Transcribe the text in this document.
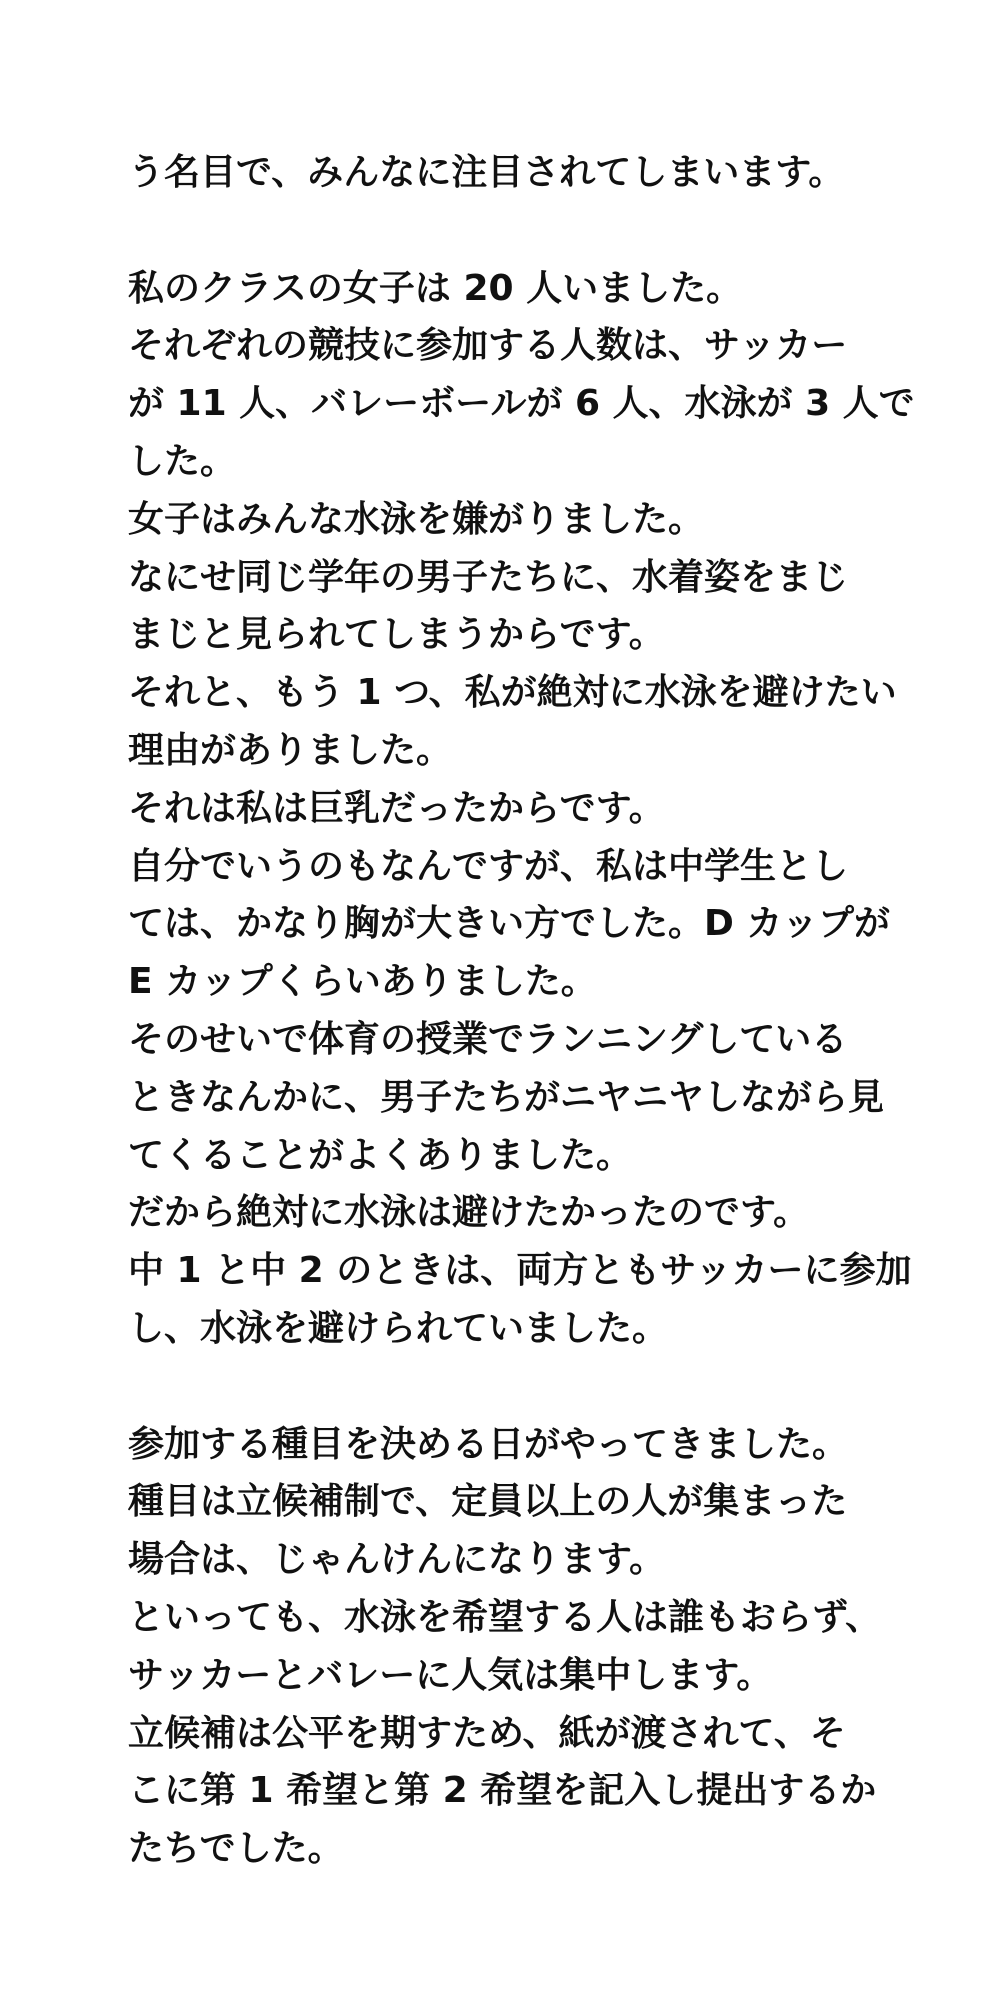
う名目で、みんなに注目されてしまいます。
私のクラスの女子は 20 人いました。
それぞれの競技に参加する人数は、サッカー
が 11 人、バレーボールが 6 人、水泳が 3 人で
した。
女子はみんな水泳を嫌がりました。
なにせ同じ学年の男子たちに、水着姿をまじ
まじと見られてしまうからです。
それと、もう 1 つ、私が絶対に水泳を避けたい
理由がありました。
それは私は巨乳だったからです。
自分でいうのもなんですが、私は中学生とし
ては、かなり胸が大きい方でした。D カップが
E カップくらいありました。
そのせいで体育の授業でランニングしている
ときなんかに、男子たちがニヤニヤしながら見
てくることがよくありました。
だから絶対に水泳は避けたかったのです。
中 1 と中 2 のときは、両方ともサッカーに参加
し、水泳を避けられていました。
参加する種目を決める日がやってきました。
種目は立候補制で、定員以上の人が集まった
場合は、じゃんけんになります。
といっても、水泳を希望する人は誰もおらず、
サッカーとバレーに人気は集中します。
立候補は公平を期すため、紙が渡されて、そ
こに第 1 希望と第 2 希望を記入し提出するか
たちでした。
